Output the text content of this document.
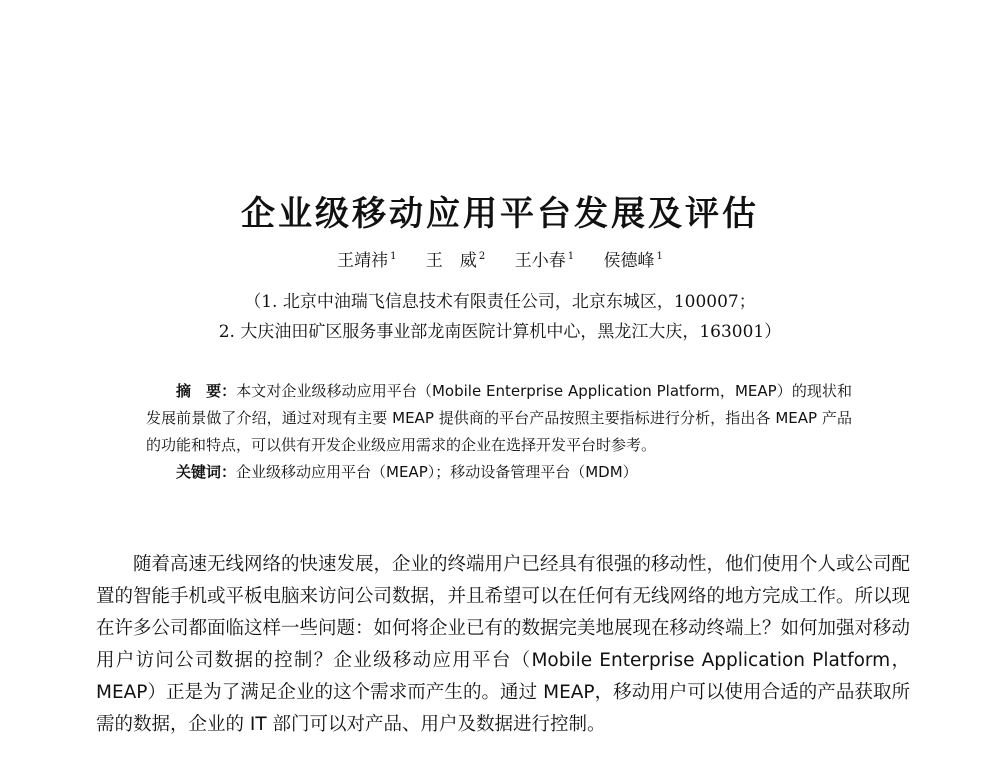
企业级移动应用平台发展及评估
王靖祎 $^1$ 王　威 $^2$ 王小春 $^1$ 侯德峰 $^1$
（1. 北京中油瑞飞信息技术有限责任公司，北京东城区，100007；
2. 大庆油田矿区服务事业部龙南医院计算机中心，黑龙江大庆，163001）

摘　要：本文对企业级移动应用平台（Mobile Enterprise Application Platform，MEAP）的现状和发展前景做了介绍，通过对现有主要 MEAP 提供商的平台产品按照主要指标进行分析，指出各 MEAP 产品的功能和特点，可以供有开发企业级应用需求的企业在选择开发平台时参考。

关键词：企业级移动应用平台（MEAP）；移动设备管理平台（MDM）

随着高速无线网络的快速发展，企业的终端用户已经具有很强的移动性，他们使用个人或公司配置的智能手机或平板电脑来访问公司数据，并且希望可以在任何有无线网络的地方完成工作。所以现在许多公司都面临这样一些问题：如何将企业已有的数据完美地展现在移动终端上？如何加强对移动用户访问公司数据的控制？企业级移动应用平台（Mobile Enterprise Application Platform，MEAP）正是为了满足企业的这个需求而产生的。通过 MEAP，移动用户可以使用合适的产品获取所需的数据，企业的 IT 部门可以对产品、用户及数据进行控制。
